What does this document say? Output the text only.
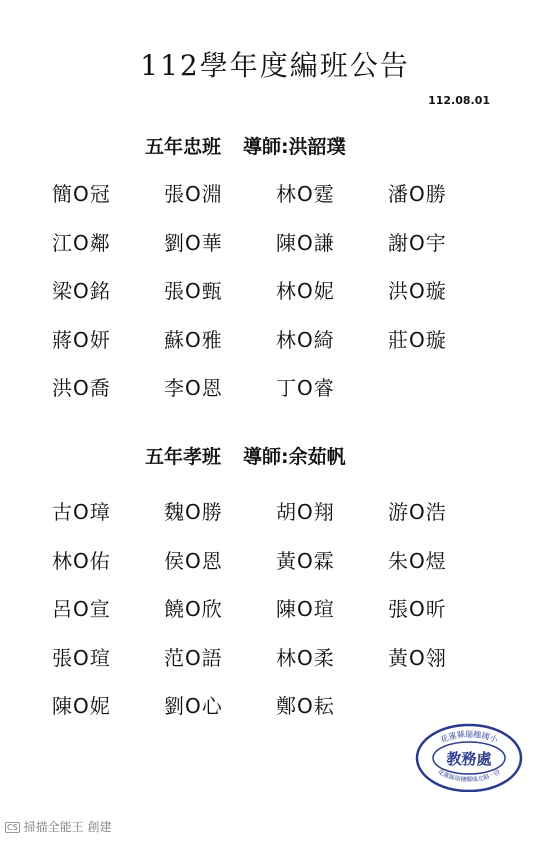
112學年度編班公告
112.08.01
五年忠班 導師:洪韶璞
簡O冠	張O淵	林O霆	潘O勝
江O鄰	劉O華	陳O謙	謝O宇
梁O銘	張O甄	林O妮	洪O璇
蔣O妍	蘇O雅	林O綺	莊O璇
洪O喬	李O恩	丁O睿
五年孝班 導師:余茹帆
古O璋	魏O勝	胡O翔	游O浩
林O佑	侯O恩	黃O霖	朱O煜
呂O宣	饒O欣	陳O瑄	張O昕
張O瑄	范O語	林O柔	黃O翎
陳O妮	劉O心	鄭O耘
花蓮縣瑞穗國小
花蓮縣瑞穗鄉瑞北路一段
教務處
CS 掃描全能王 創建
